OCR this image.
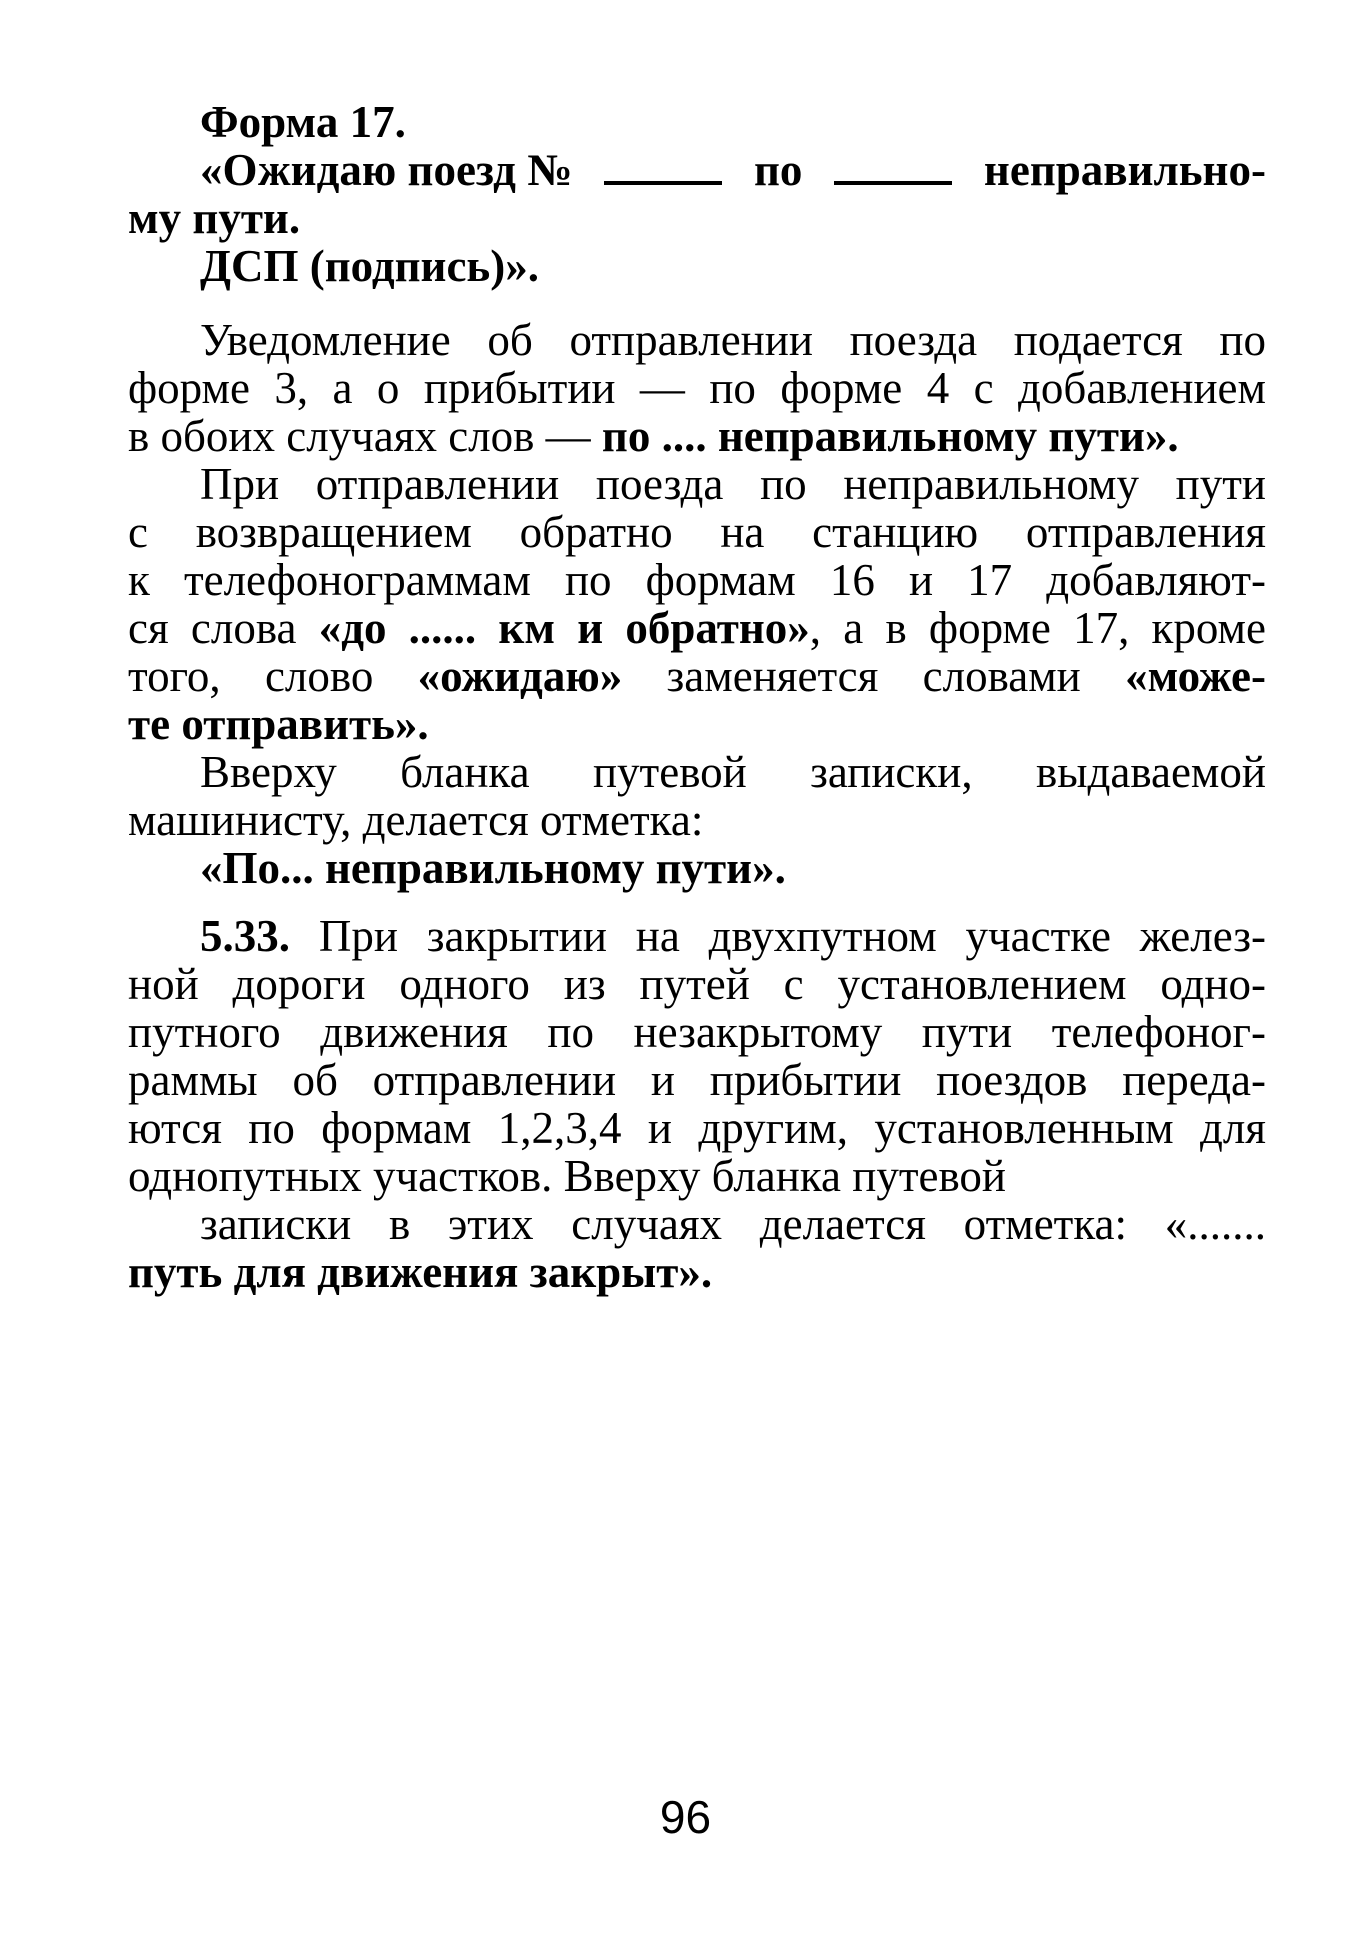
Форма 17.
«Ожидаю поезд №	по	неправильно-
му пути.
ДСП (подпись)».
Уведомление об отправлении поезда подается по
форме 3, а о прибытии — по форме 4 с добавлением
в обоих случаях слов — по .... неправильному пути».
При отправлении поезда по неправильному пути
с возвращением обратно на станцию отправления
к телефонограммам по формам 16 и 17 добавляют-
ся слова «до ...... км и обратно», а в форме 17, кроме
того, слово «ожидаю» заменяется словами «може-
те отправить».
Вверху бланка путевой записки, выдаваемой
машинисту, делается отметка:
«По... неправильному пути».
5.33. При закрытии на двухпутном участке желез-
ной дороги одного из путей с установлением одно-
путного движения по незакрытому пути телефоног-
раммы об отправлении и прибытии поездов переда-
ются по формам 1,2,3,4 и другим, установленным для
однопутных участков. Вверху бланка путевой
записки в этих случаях делается отметка: «.......
путь для движения закрыт».
96
